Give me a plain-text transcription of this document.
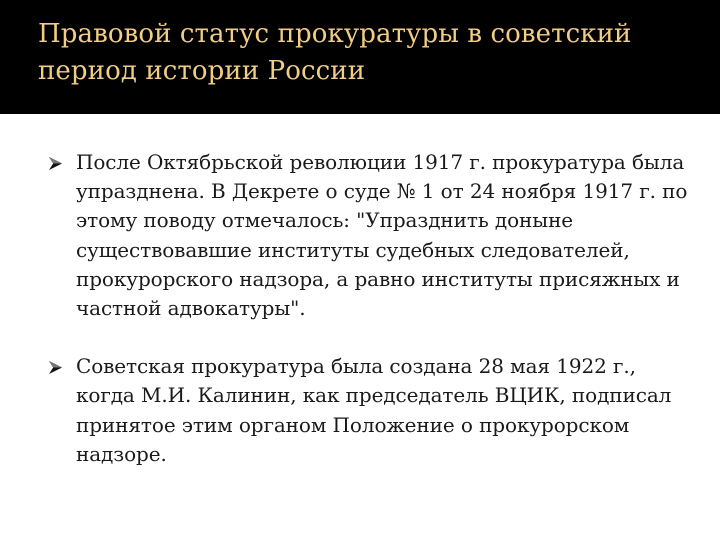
Правовой статус прокуратуры в советский период истории России
После Октябрьской революции 1917 г. прокуратура была упразднена. В Декрете о суде № 1 от 24 ноября 1917 г. по этому поводу отмечалось: "Упразднить доныне существовавшие институты судебных следователей, прокурорского надзора, а равно институты присяжных и частной адвокатуры".
Советская прокуратура была создана 28 мая 1922 г., когда М.И. Калинин, как председатель ВЦИК, подписал принятое этим органом Положение о прокурорском надзоре.
